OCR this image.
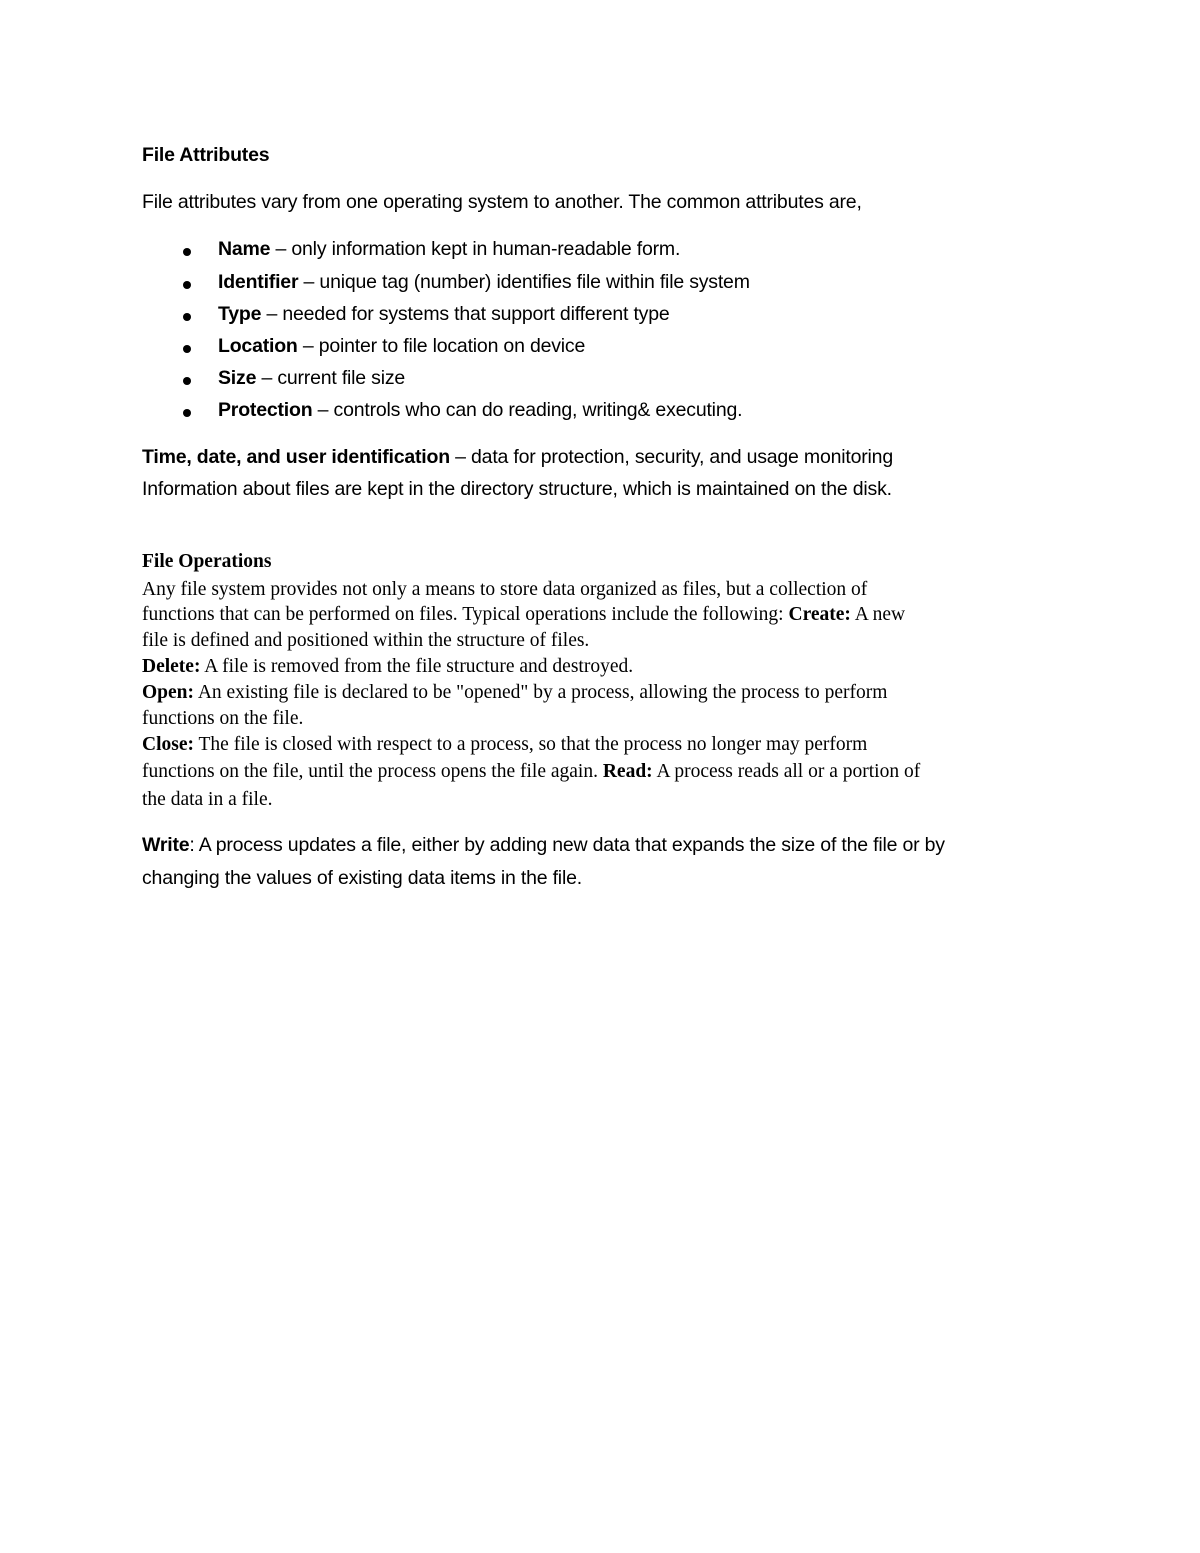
File Attributes
File attributes vary from one operating system to another. The common attributes are,
Name – only information kept in human-readable form.
Identifier – unique tag (number) identifies file within file system
Type – needed for systems that support different type
Location – pointer to file location on device
Size – current file size
Protection – controls who can do reading, writing& executing.
Time, date, and user identification – data for protection, security, and usage monitoring
Information about files are kept in the directory structure, which is maintained on the disk.
File Operations
Any file system provides not only a means to store data organized as files, but a collection of
functions that can be performed on files. Typical operations include the following: Create: A new
file is defined and positioned within the structure of files.
Delete: A file is removed from the file structure and destroyed.
Open: An existing file is declared to be "opened" by a process, allowing the process to perform
functions on the file.
Close: The file is closed with respect to a process, so that the process no longer may perform
functions on the file, until the process opens the file again. Read: A process reads all or a portion of
the data in a file.
Write: A process updates a file, either by adding new data that expands the size of the file or by
changing the values of existing data items in the file.
